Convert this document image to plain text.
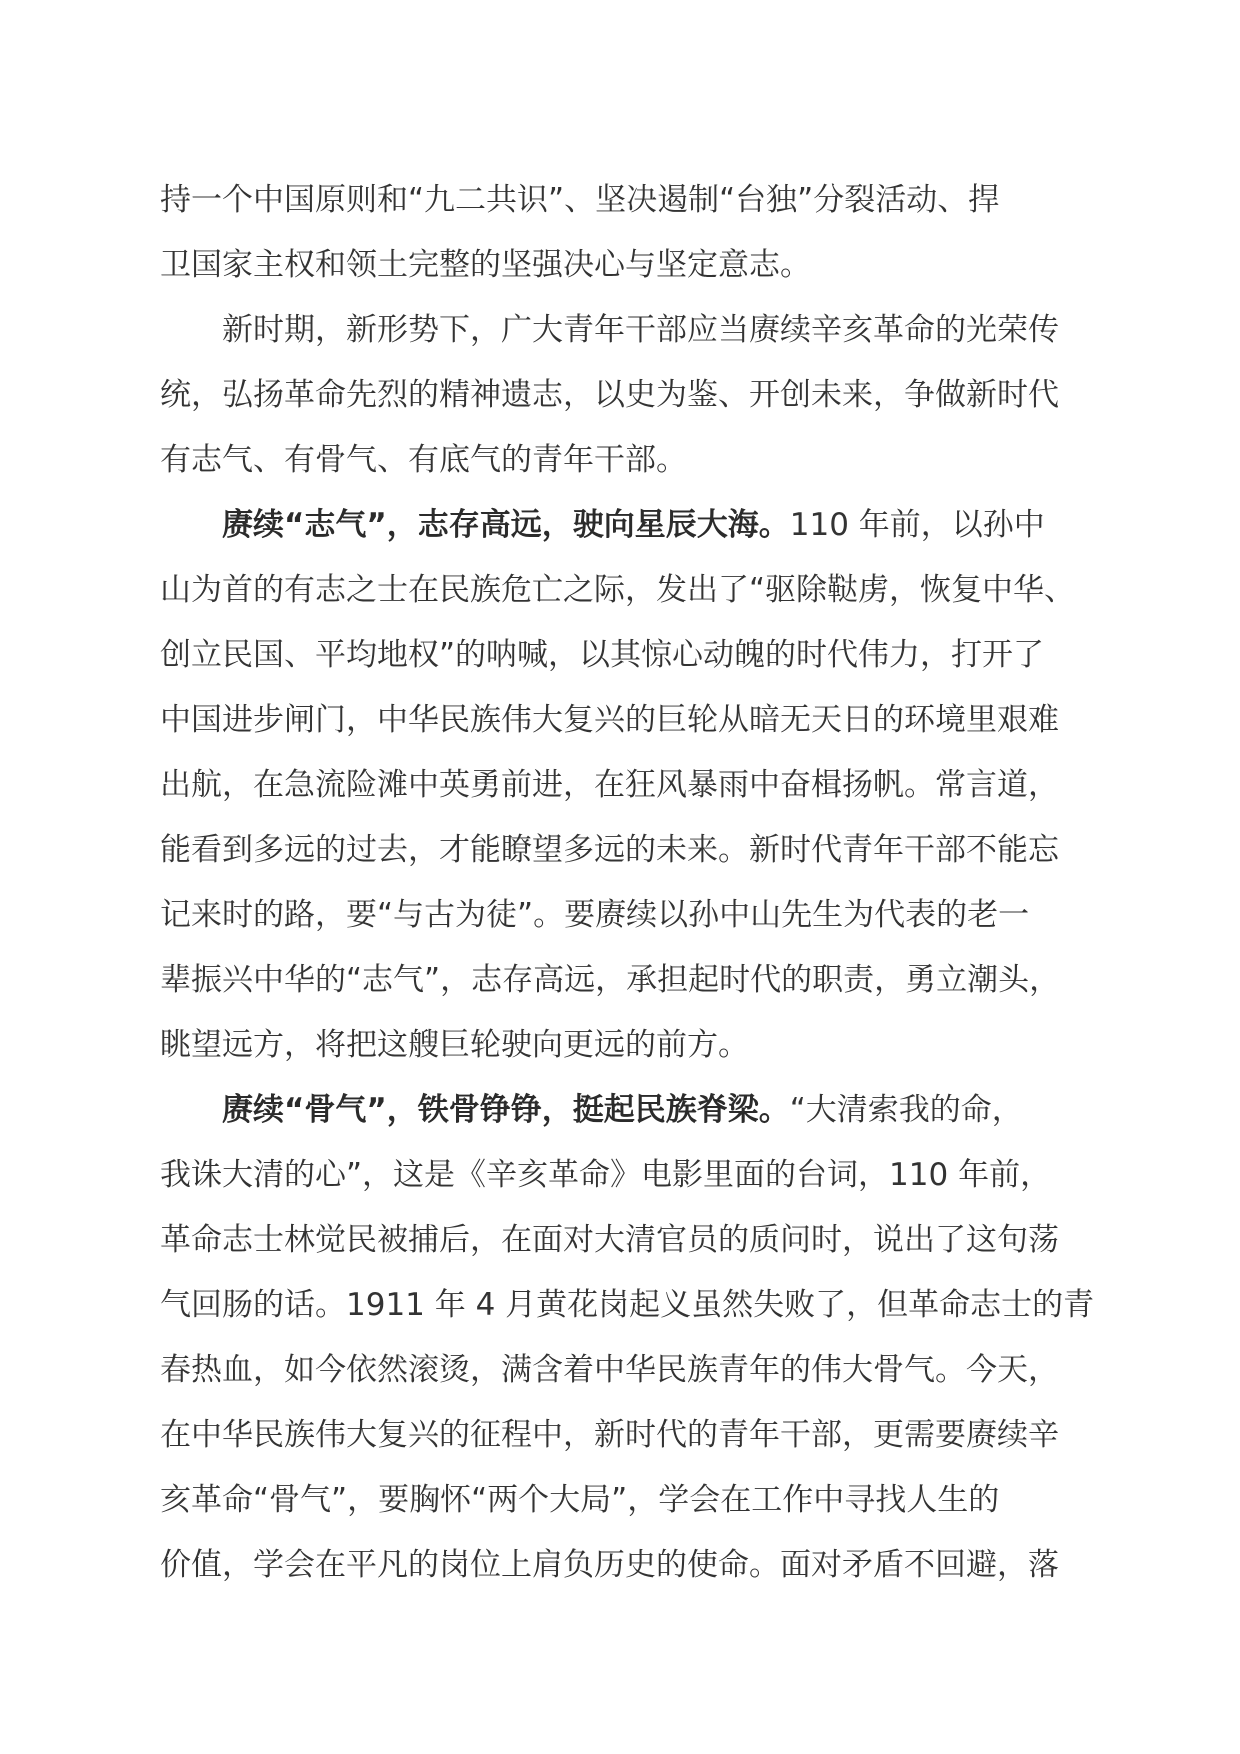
持一个中国原则和“九二共识”、坚决遏制“台独”分裂活动、捍
卫国家主权和领土完整的坚强决心与坚定意志。
新时期，新形势下，广大青年干部应当赓续辛亥革命的光荣传
统，弘扬革命先烈的精神遗志，以史为鉴、开创未来，争做新时代
有志气、有骨气、有底气的青年干部。
赓续“志气”，志存高远，驶向星辰大海。110 年前，以孙中
山为首的有志之士在民族危亡之际，发出了“驱除鞑虏，恢复中华、
创立民国、平均地权”的呐喊，以其惊心动魄的时代伟力，打开了
中国进步闸门，中华民族伟大复兴的巨轮从暗无天日的环境里艰难
出航，在急流险滩中英勇前进，在狂风暴雨中奋楫扬帆。常言道，
能看到多远的过去，才能瞭望多远的未来。新时代青年干部不能忘
记来时的路，要“与古为徒”。要赓续以孙中山先生为代表的老一
辈振兴中华的“志气”，志存高远，承担起时代的职责，勇立潮头，
眺望远方，将把这艘巨轮驶向更远的前方。
赓续“骨气”，铁骨铮铮，挺起民族脊梁。“大清索我的命，
我诛大清的心”，这是《辛亥革命》电影里面的台词，110 年前，
革命志士林觉民被捕后，在面对大清官员的质问时，说出了这句荡
气回肠的话。1911 年 4 月黄花岗起义虽然失败了，但革命志士的青
春热血，如今依然滚烫，满含着中华民族青年的伟大骨气。今天，
在中华民族伟大复兴的征程中，新时代的青年干部，更需要赓续辛
亥革命“骨气”，要胸怀“两个大局”，学会在工作中寻找人生的
价值，学会在平凡的岗位上肩负历史的使命。面对矛盾不回避，落
